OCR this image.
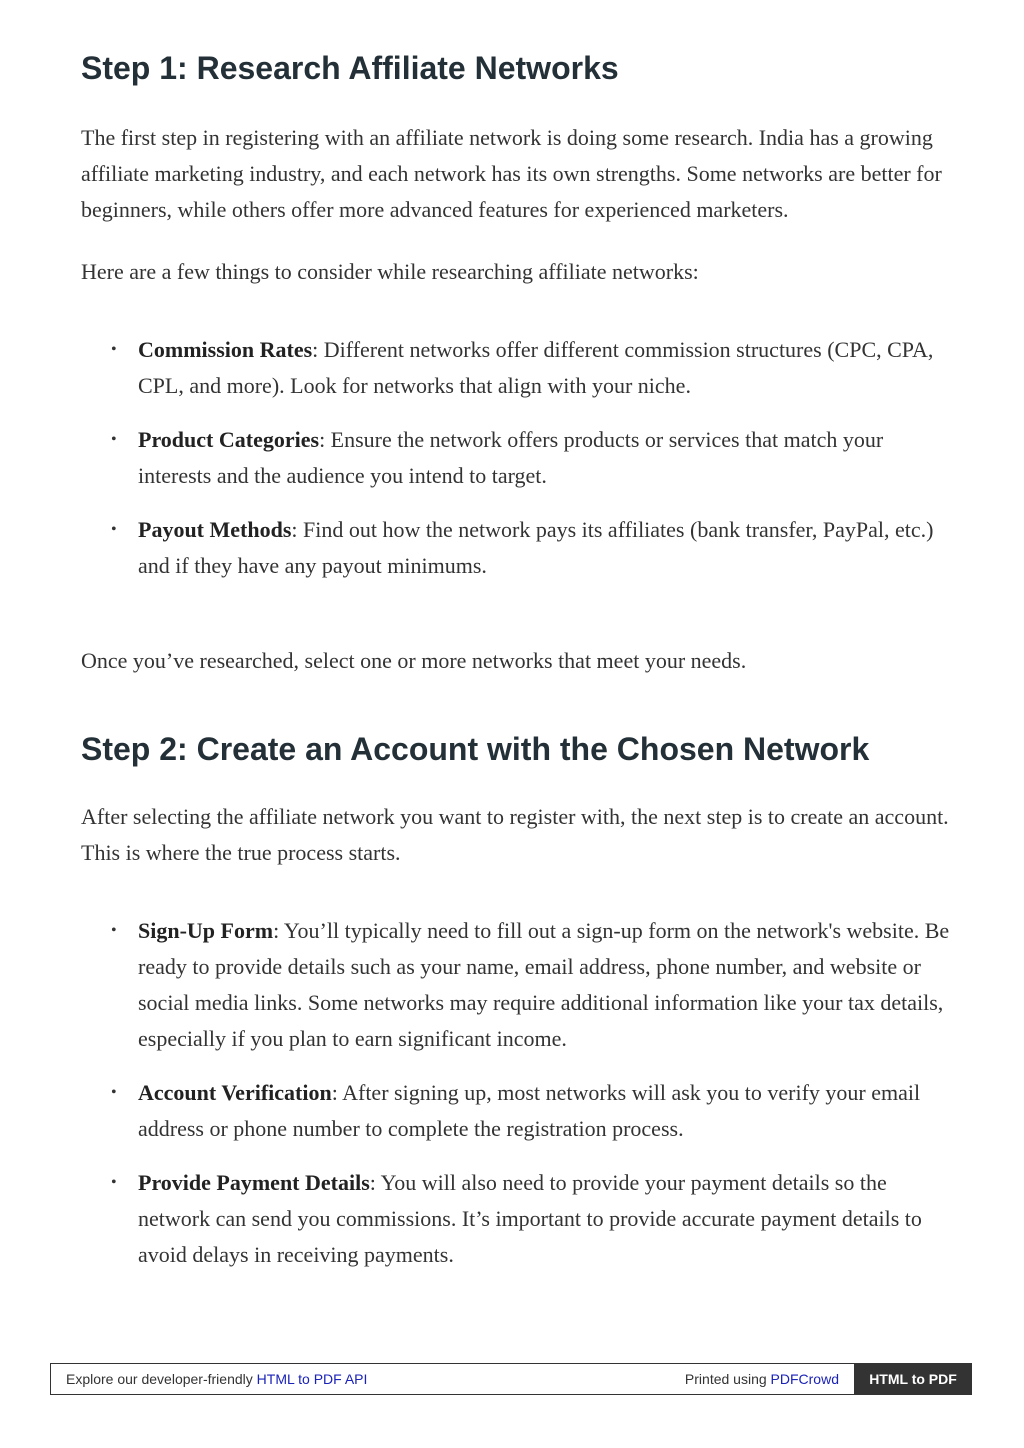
Step 1: Research Affiliate Networks

The first step in registering with an affiliate network is doing some research. India has a growing affiliate marketing industry, and each network has its own strengths. Some networks are better for beginners, while others offer more advanced features for experienced marketers.

Here are a few things to consider while researching affiliate networks:

• Commission Rates: Different networks offer different commission structures (CPC, CPA, CPL, and more). Look for networks that align with your niche.
• Product Categories: Ensure the network offers products or services that match your interests and the audience you intend to target.
• Payout Methods: Find out how the network pays its affiliates (bank transfer, PayPal, etc.) and if they have any payout minimums.

Once you’ve researched, select one or more networks that meet your needs.

Step 2: Create an Account with the Chosen Network

After selecting the affiliate network you want to register with, the next step is to create an account. This is where the true process starts.

• Sign-Up Form: You’ll typically need to fill out a sign-up form on the network's website. Be ready to provide details such as your name, email address, phone number, and website or social media links. Some networks may require additional information like your tax details, especially if you plan to earn significant income.
• Account Verification: After signing up, most networks will ask you to verify your email address or phone number to complete the registration process.
• Provide Payment Details: You will also need to provide your payment details so the network can send you commissions. It’s important to provide accurate payment details to avoid delays in receiving payments.
Explore our developer-friendly HTML to PDF API	Printed using PDFCrowd	HTML to PDF
